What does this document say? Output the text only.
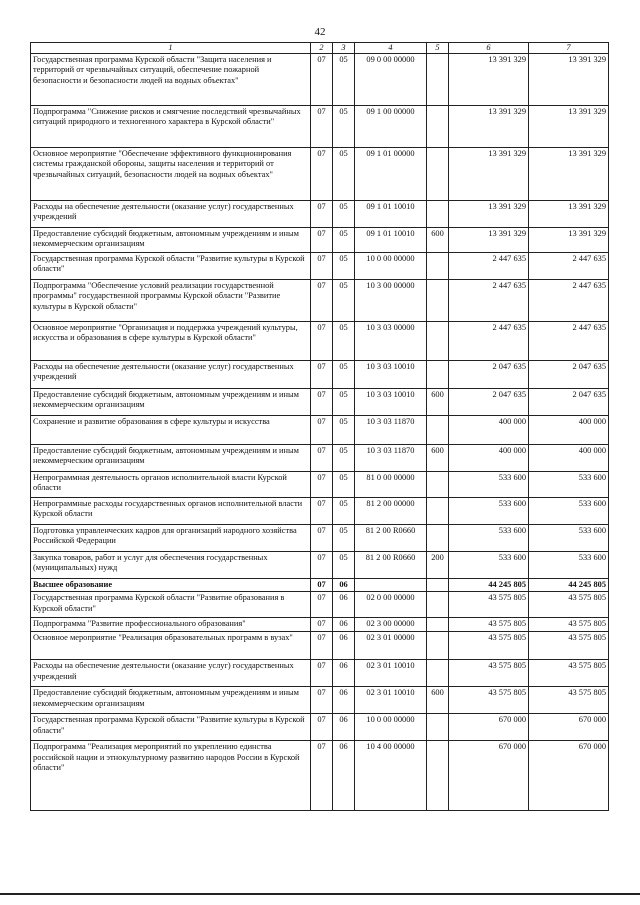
42
1	2	3	4	5	6	7
Государственная программа Курской области "Защита населения и территорий от чрезвычайных ситуаций, обеспечение пожарной безопасности и безопасности людей на водных объектах"	07	05	09 0 00 00000		13 391 329	13 391 329
Подпрограмма "Снижение рисков и смягчение последствий чрезвычайных ситуаций природного и техногенного характера в Курской области"	07	05	09 1 00 00000		13 391 329	13 391 329
Основное мероприятие "Обеспечение эффективного функционирования системы гражданской обороны, защиты населения и территорий от чрезвычайных ситуаций, безопасности людей на водных объектах"	07	05	09 1 01 00000		13 391 329	13 391 329
Расходы на обеспечение деятельности (оказание услуг) государственных учреждений	07	05	09 1 01 10010		13 391 329	13 391 329
Предоставление субсидий бюджетным, автономным учреждениям и иным некоммерческим организациям	07	05	09 1 01 10010	600	13 391 329	13 391 329
Государственная программа Курской области "Развитие культуры в Курской области"	07	05	10 0 00 00000		2 447 635	2 447 635
Подпрограмма "Обеспечение условий реализации государственной программы" государственной программы Курской области "Развитие культуры в Курской области"	07	05	10 3 00 00000		2 447 635	2 447 635
Основное мероприятие "Организация и поддержка учреждений культуры, искусства и образования в сфере культуры в Курской области"	07	05	10 3 03 00000		2 447 635	2 447 635
Расходы на обеспечение деятельности (оказание услуг) государственных учреждений	07	05	10 3 03 10010		2 047 635	2 047 635
Предоставление субсидий бюджетным, автономным учреждениям и иным некоммерческим организациям	07	05	10 3 03 10010	600	2 047 635	2 047 635
Сохранение и развитие образования в сфере культуры и искусства	07	05	10 3 03 11870		400 000	400 000
Предоставление субсидий бюджетным, автономным учреждениям и иным некоммерческим организациям	07	05	10 3 03 11870	600	400 000	400 000
Непрограммная деятельность органов исполнительной власти Курской области	07	05	81 0 00 00000		533 600	533 600
Непрограммные расходы государственных органов исполнительной власти Курской области	07	05	81 2 00 00000		533 600	533 600
Подготовка управленческих кадров для организаций народного хозяйства Российской Федерации	07	05	81 2 00 R0660		533 600	533 600
Закупка товаров, работ и услуг для обеспечения государственных (муниципальных) нужд	07	05	81 2 00 R0660	200	533 600	533 600
Высшее образование	07	06			44 245 805	44 245 805
Государственная программа Курской области "Развитие образования в Курской области"	07	06	02 0 00 00000		43 575 805	43 575 805
Подпрограмма "Развитие профессионального образования"	07	06	02 3 00 00000		43 575 805	43 575 805
Основное мероприятие "Реализация образовательных программ в вузах"	07	06	02 3 01 00000		43 575 805	43 575 805
Расходы на обеспечение деятельности (оказание услуг) государственных учреждений	07	06	02 3 01 10010		43 575 805	43 575 805
Предоставление субсидий бюджетным, автономным учреждениям и иным некоммерческим организациям	07	06	02 3 01 10010	600	43 575 805	43 575 805
Государственная программа Курской области "Развитие культуры в Курской области"	07	06	10 0 00 00000		670 000	670 000
Подпрограмма "Реализация мероприятий по укреплению единства российской нации и этнокультурному развитию народов России в Курской области"	07	06	10 4 00 00000		670 000	670 000
